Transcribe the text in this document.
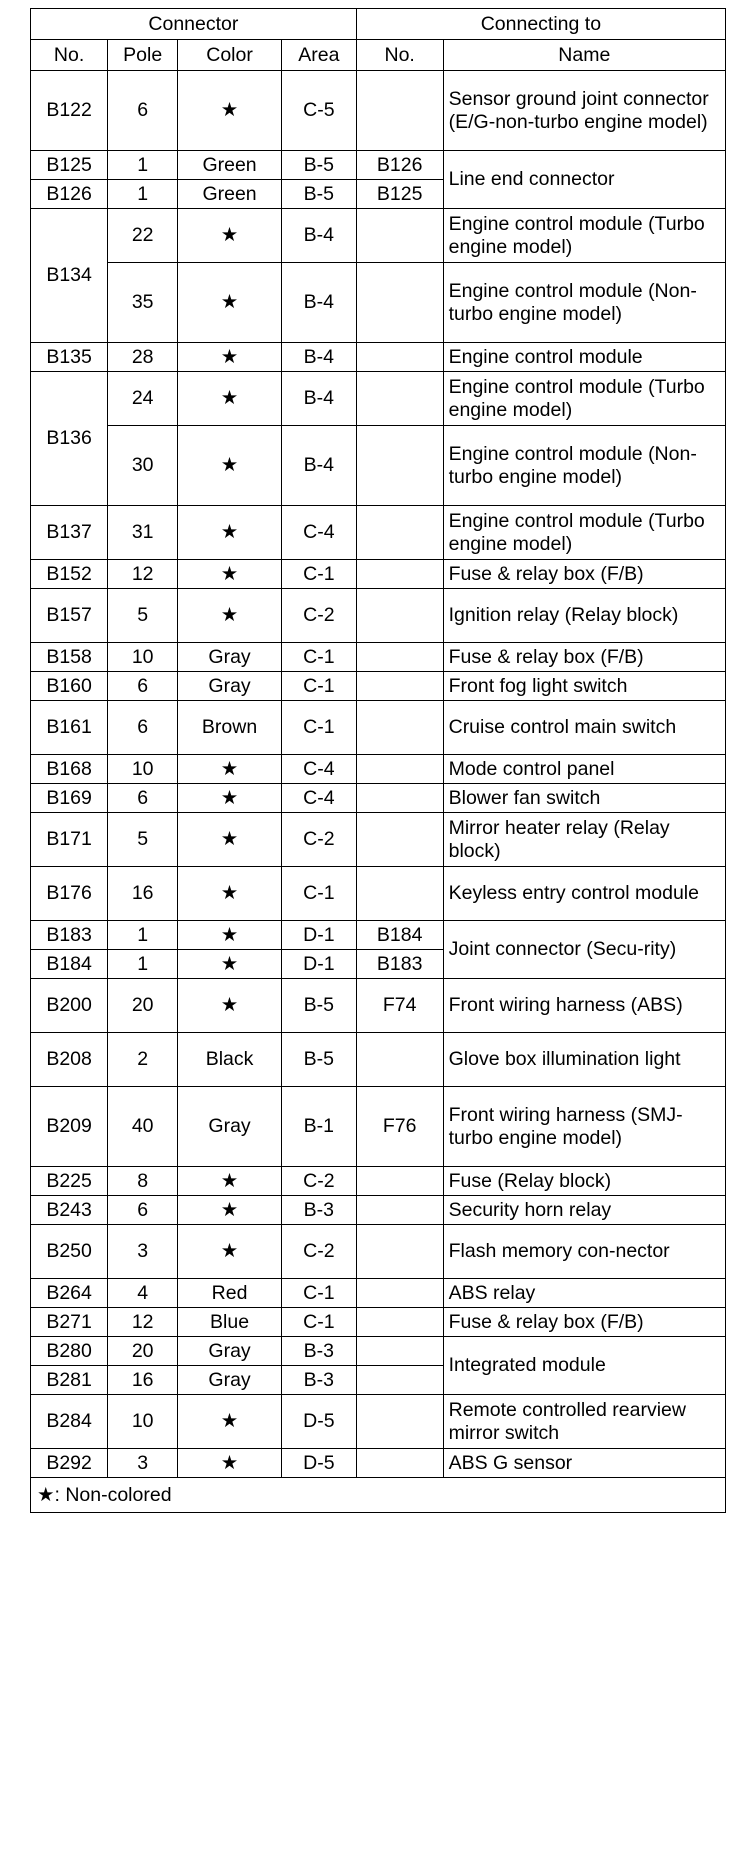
Connector				Connecting to	
No.	Pole	Color	Area	No.	Name
B122	6	★	C-5		Sensor ground joint connector (E/G-non-turbo engine model)
B125	1	Green	B-5	B126	Line end connector
B126	1	Green	B-5	B125	
B134	22	★	B-4		Engine control module (Turbo engine model)
	35	★	B-4		Engine control module (Non-turbo engine model)
B135	28	★	B-4		Engine control module
B136	24	★	B-4		Engine control module (Turbo engine model)
	30	★	B-4		Engine control module (Non-turbo engine model)
B137	31	★	C-4		Engine control module (Turbo engine model)
B152	12	★	C-1		Fuse & relay box (F/B)
B157	5	★	C-2		Ignition relay (Relay block)
B158	10	Gray	C-1		Fuse & relay box (F/B)
B160	6	Gray	C-1		Front fog light switch
B161	6	Brown	C-1		Cruise control main switch
B168	10	★	C-4		Mode control panel
B169	6	★	C-4		Blower fan switch
B171	5	★	C-2		Mirror heater relay (Relay block)
B176	16	★	C-1		Keyless entry control module
B183	1	★	D-1	B184	Joint connector (Secu-rity)
B184	1	★	D-1	B183	
B200	20	★	B-5	F74	Front wiring harness (ABS)
B208	2	Black	B-5		Glove box illumination light
B209	40	Gray	B-1	F76	Front wiring harness (SMJ-turbo engine model)
B225	8	★	C-2		Fuse (Relay block)
B243	6	★	B-3		Security horn relay
B250	3	★	C-2		Flash memory con-nector
B264	4	Red	C-1		ABS relay
B271	12	Blue	C-1		Fuse & relay box (F/B)
B280	20	Gray	B-3		Integrated module
B281	16	Gray	B-3		
B284	10	★	D-5		Remote controlled rearview mirror switch
B292	3	★	D-5		ABS G sensor
★: Non-colored					
